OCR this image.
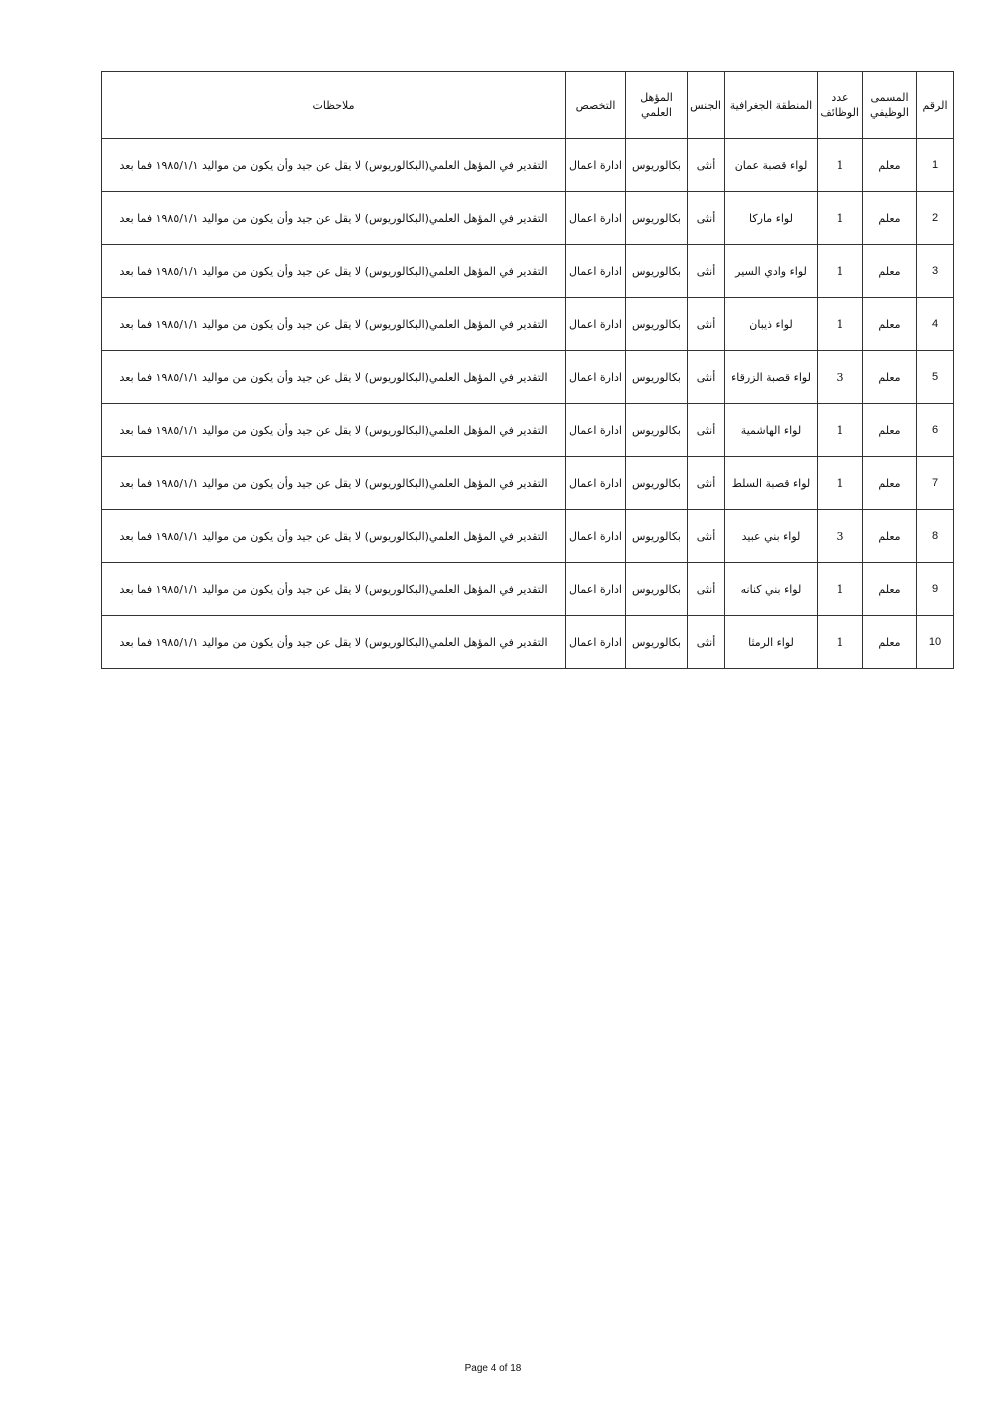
الرقم	المسمى الوظيفي	عدد الوظائف	المنطقة الجغرافية	الجنس	المؤهل العلمي	التخصص	ملاحظات
1	معلم	1	لواء قصبة عمان	أنثى	بكالوريوس	ادارة اعمال	التقدير في المؤهل العلمي(البكالوريوس) لا يقل عن جيد وأن يكون من مواليد ١٩٨٥/١/١ فما بعد
2	معلم	1	لواء ماركا	أنثى	بكالوريوس	ادارة اعمال	التقدير في المؤهل العلمي(البكالوريوس) لا يقل عن جيد وأن يكون من مواليد ١٩٨٥/١/١ فما بعد
3	معلم	1	لواء وادي السير	أنثى	بكالوريوس	ادارة اعمال	التقدير في المؤهل العلمي(البكالوريوس) لا يقل عن جيد وأن يكون من مواليد ١٩٨٥/١/١ فما بعد
4	معلم	1	لواء ذيبان	أنثى	بكالوريوس	ادارة اعمال	التقدير في المؤهل العلمي(البكالوريوس) لا يقل عن جيد وأن يكون من مواليد ١٩٨٥/١/١ فما بعد
5	معلم	3	لواء قصبة الزرقاء	أنثى	بكالوريوس	ادارة اعمال	التقدير في المؤهل العلمي(البكالوريوس) لا يقل عن جيد وأن يكون من مواليد ١٩٨٥/١/١ فما بعد
6	معلم	1	لواء الهاشمية	أنثى	بكالوريوس	ادارة اعمال	التقدير في المؤهل العلمي(البكالوريوس) لا يقل عن جيد وأن يكون من مواليد ١٩٨٥/١/١ فما بعد
7	معلم	1	لواء قصبة السلط	أنثى	بكالوريوس	ادارة اعمال	التقدير في المؤهل العلمي(البكالوريوس) لا يقل عن جيد وأن يكون من مواليد ١٩٨٥/١/١ فما بعد
8	معلم	3	لواء بني عبيد	أنثى	بكالوريوس	ادارة اعمال	التقدير في المؤهل العلمي(البكالوريوس) لا يقل عن جيد وأن يكون من مواليد ١٩٨٥/١/١ فما بعد
9	معلم	1	لواء بني كنانه	أنثى	بكالوريوس	ادارة اعمال	التقدير في المؤهل العلمي(البكالوريوس) لا يقل عن جيد وأن يكون من مواليد ١٩٨٥/١/١ فما بعد
10	معلم	1	لواء الرمثا	أنثى	بكالوريوس	ادارة اعمال	التقدير في المؤهل العلمي(البكالوريوس) لا يقل عن جيد وأن يكون من مواليد ١٩٨٥/١/١ فما بعد
Page 4 of 18
